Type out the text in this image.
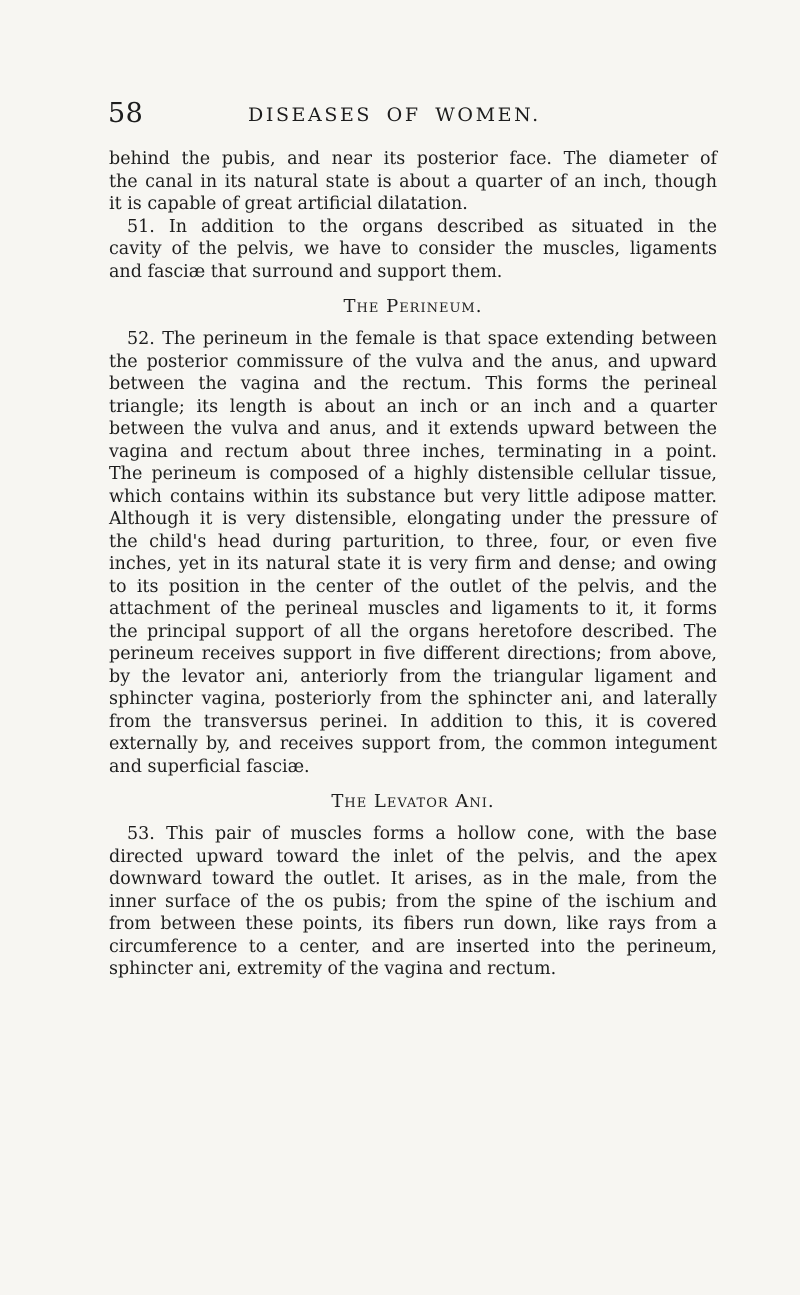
58	DISEASES OF WOMEN.
behind the pubis, and near its posterior face. The diameter of
the canal in its natural state is about a quarter of an inch, though
it is capable of great artificial dilatation.
51. In addition to the organs described as situated in the
cavity of the pelvis, we have to consider the muscles, ligaments
and fasciæ that surround and support them.
The Perineum.
52. The perineum in the female is that space extending between
the posterior commissure of the vulva and the anus, and upward
between the vagina and the rectum. This forms the perineal
triangle; its length is about an inch or an inch and a quarter
between the vulva and anus, and it extends upward between the
vagina and rectum about three inches, terminating in a point.
The perineum is composed of a highly distensible cellular tissue,
which contains within its substance but very little adipose matter.
Although it is very distensible, elongating under the pressure of
the child's head during parturition, to three, four, or even five
inches, yet in its natural state it is very firm and dense; and owing
to its position in the center of the outlet of the pelvis, and the
attachment of the perineal muscles and ligaments to it, it forms
the principal support of all the organs heretofore described. The
perineum receives support in five different directions; from above,
by the levator ani, anteriorly from the triangular ligament and
sphincter vagina, posteriorly from the sphincter ani, and laterally
from the transversus perinei. In addition to this, it is covered
externally by, and receives support from, the common integument
and superficial fasciæ.
The Levator Ani.
53. This pair of muscles forms a hollow cone, with the base
directed upward toward the inlet of the pelvis, and the apex
downward toward the outlet. It arises, as in the male, from the
inner surface of the os pubis; from the spine of the ischium and
from between these points, its fibers run down, like rays from a
circumference to a center, and are inserted into the perineum,
sphincter ani, extremity of the vagina and rectum.
